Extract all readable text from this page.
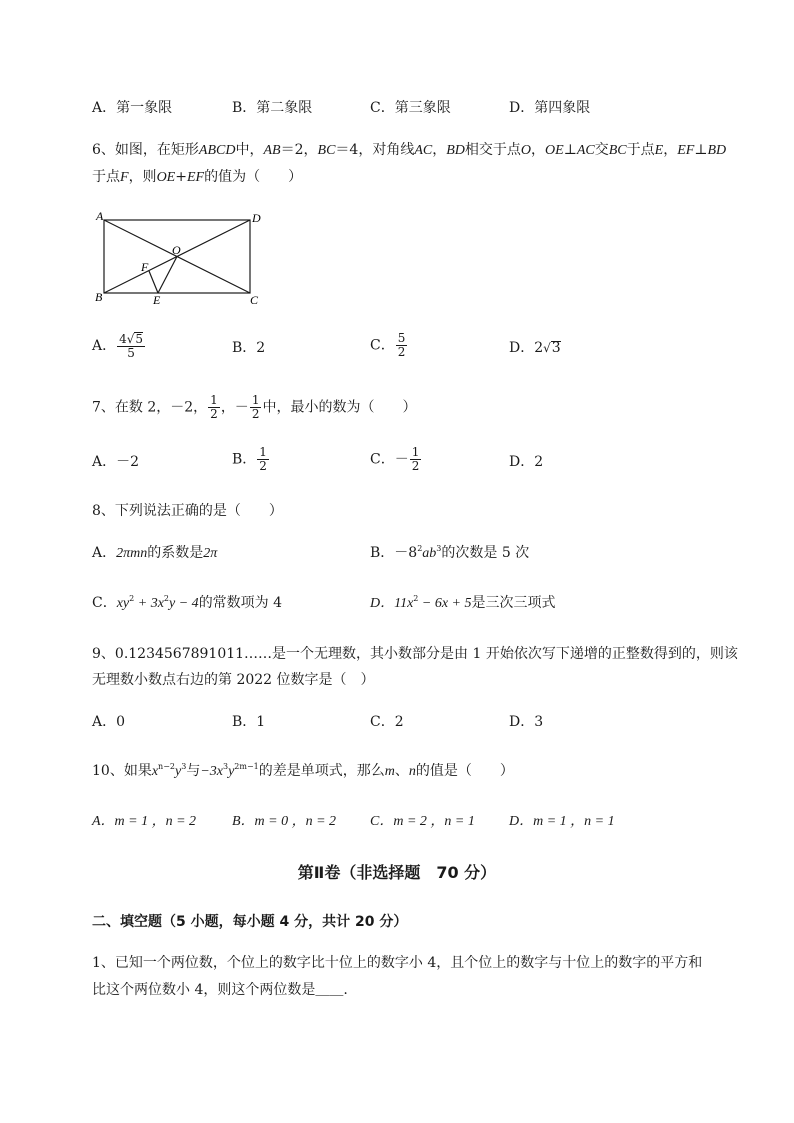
A．第一象限	B．第二象限	C．第三象限	D．第四象限
6、如图，在矩形ABCD中，AB＝2，BC＝4，对角线AC，BD相交于点O，OE⊥AC交BC于点E，EF⊥BD
于点F，则OE+EF的值为（　　）
A	D
O
F
B	E	C
A． $\frac{4√5}{5}$	B．2	C． $\frac{5}{2}$	D．2√3
7、在数 2，－2， $\frac{1}{2}$ ，－ $\frac{1}{2}$ 中，最小的数为（　　）
A．－2	B． $\frac{1}{2}$	C．－ $\frac{1}{2}$	D．2
8、下列说法正确的是（　　）
A．2πmn的系数是2π	B．$-8^2ab^3$的次数是 5 次
C．$xy^2 + 3x^2y - 4$的常数项为 4	D．$11x^2 - 6x + 5$是三次三项式
9、0.1234567891011……是一个无理数，其小数部分是由 1 开始依次写下递增的正整数得到的，则该
无理数小数点右边的第 2022 位数字是（　）
A．0	B．1	C．2	D．3
10、如果$x^{n-2}y^3$与$-3x^3y^{2m-1}$的差是单项式，那么m、n的值是（　　）
A．m = 1 ，n = 2	B．m = 0 ，n = 2 C．m = 2 ，n = 1 D．m = 1 ，n = 1
第Ⅱ卷（非选择题　70 分）
二、填空题（5 小题，每小题 4 分，共计 20 分）
1、已知一个两位数，个位上的数字比十位上的数字小 4，且个位上的数字与十位上的数字的平方和
比这个两位数小 4，则这个两位数是＿＿.
